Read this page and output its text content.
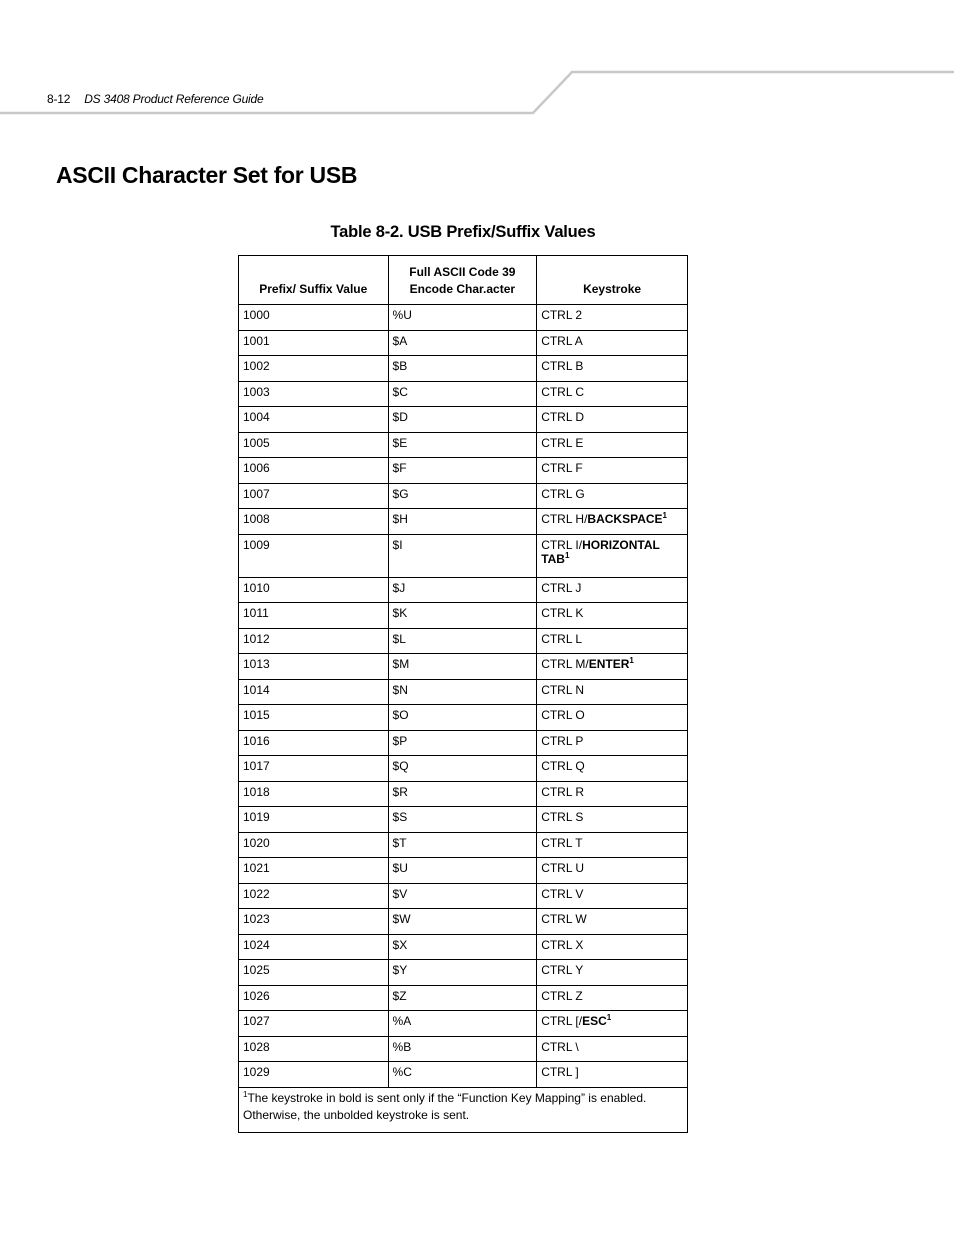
8-12 DS 3408 Product Reference Guide
ASCII Character Set for USB
Table 8-2. USB Prefix/Suffix Values
Prefix/ Suffix Value	Full ASCII Code 39 Encode Char.acter	Keystroke
1000	%U	CTRL 2
1001	$A	CTRL A
1002	$B	CTRL B
1003	$C	CTRL C
1004	$D	CTRL D
1005	$E	CTRL E
1006	$F	CTRL F
1007	$G	CTRL G
1008	$H	CTRL H/BACKSPACE$^1$
1009	$I	CTRL I/HORIZONTAL TAB$^1$
1010	$J	CTRL J
1011	$K	CTRL K
1012	$L	CTRL L
1013	$M	CTRL M/ENTER$^1$
1014	$N	CTRL N
1015	$O	CTRL O
1016	$P	CTRL P
1017	$Q	CTRL Q
1018	$R	CTRL R
1019	$S	CTRL S
1020	$T	CTRL T
1021	$U	CTRL U
1022	$V	CTRL V
1023	$W	CTRL W
1024	$X	CTRL X
1025	$Y	CTRL Y
1026	$Z	CTRL Z
1027	%A	CTRL [/ESC$^1$
1028	%B	CTRL \
1029	%C	CTRL ]
$^1$The keystroke in bold is sent only if the “Function Key Mapping” is enabled. Otherwise, the unbolded keystroke is sent.		
